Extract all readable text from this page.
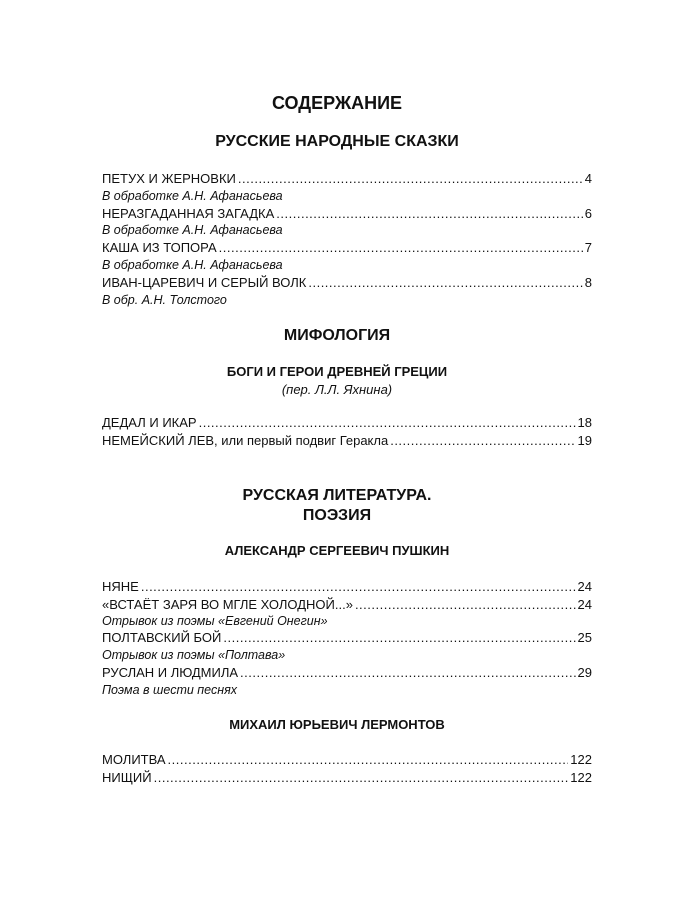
СОДЕРЖАНИЕ
РУССКИЕ НАРОДНЫЕ СКАЗКИ
ПЕТУХ И ЖЕРНОВКИ .....	4
В обработке А.Н. Афанасьева
НЕРАЗГАДАННАЯ ЗАГАДКА .....	6
В обработке А.Н. Афанасьева
КАША ИЗ ТОПОРА .....	7
В обработке А.Н. Афанасьева
ИВАН-ЦАРЕВИЧ И СЕРЫЙ ВОЛК .....	8
В обр. А.Н. Толстого
МИФОЛОГИЯ
БОГИ И ГЕРОИ ДРЕВНЕЙ ГРЕЦИИ
(пер. Л.Л. Яхнина)
ДЕДАЛ И ИКАР .....	18
НЕМЕЙСКИЙ ЛЕВ, или первый подвиг Геракла .....	19
РУССКАЯ ЛИТЕРАТУРА.
ПОЭЗИЯ
АЛЕКСАНДР СЕРГЕЕВИЧ ПУШКИН
НЯНЕ .....	24
«ВСТАЁТ ЗАРЯ ВО МГЛЕ ХОЛОДНОЙ...» .....	24
Отрывок из поэмы «Евгений Онегин»
ПОЛТАВСКИЙ БОЙ .....	25
Отрывок из поэмы «Полтава»
РУСЛАН И ЛЮДМИЛА .....	29
Поэма в шести песнях
МИХАИЛ ЮРЬЕВИЧ ЛЕРМОНТОВ
МОЛИТВА .....	122
НИЩИЙ .....	122
